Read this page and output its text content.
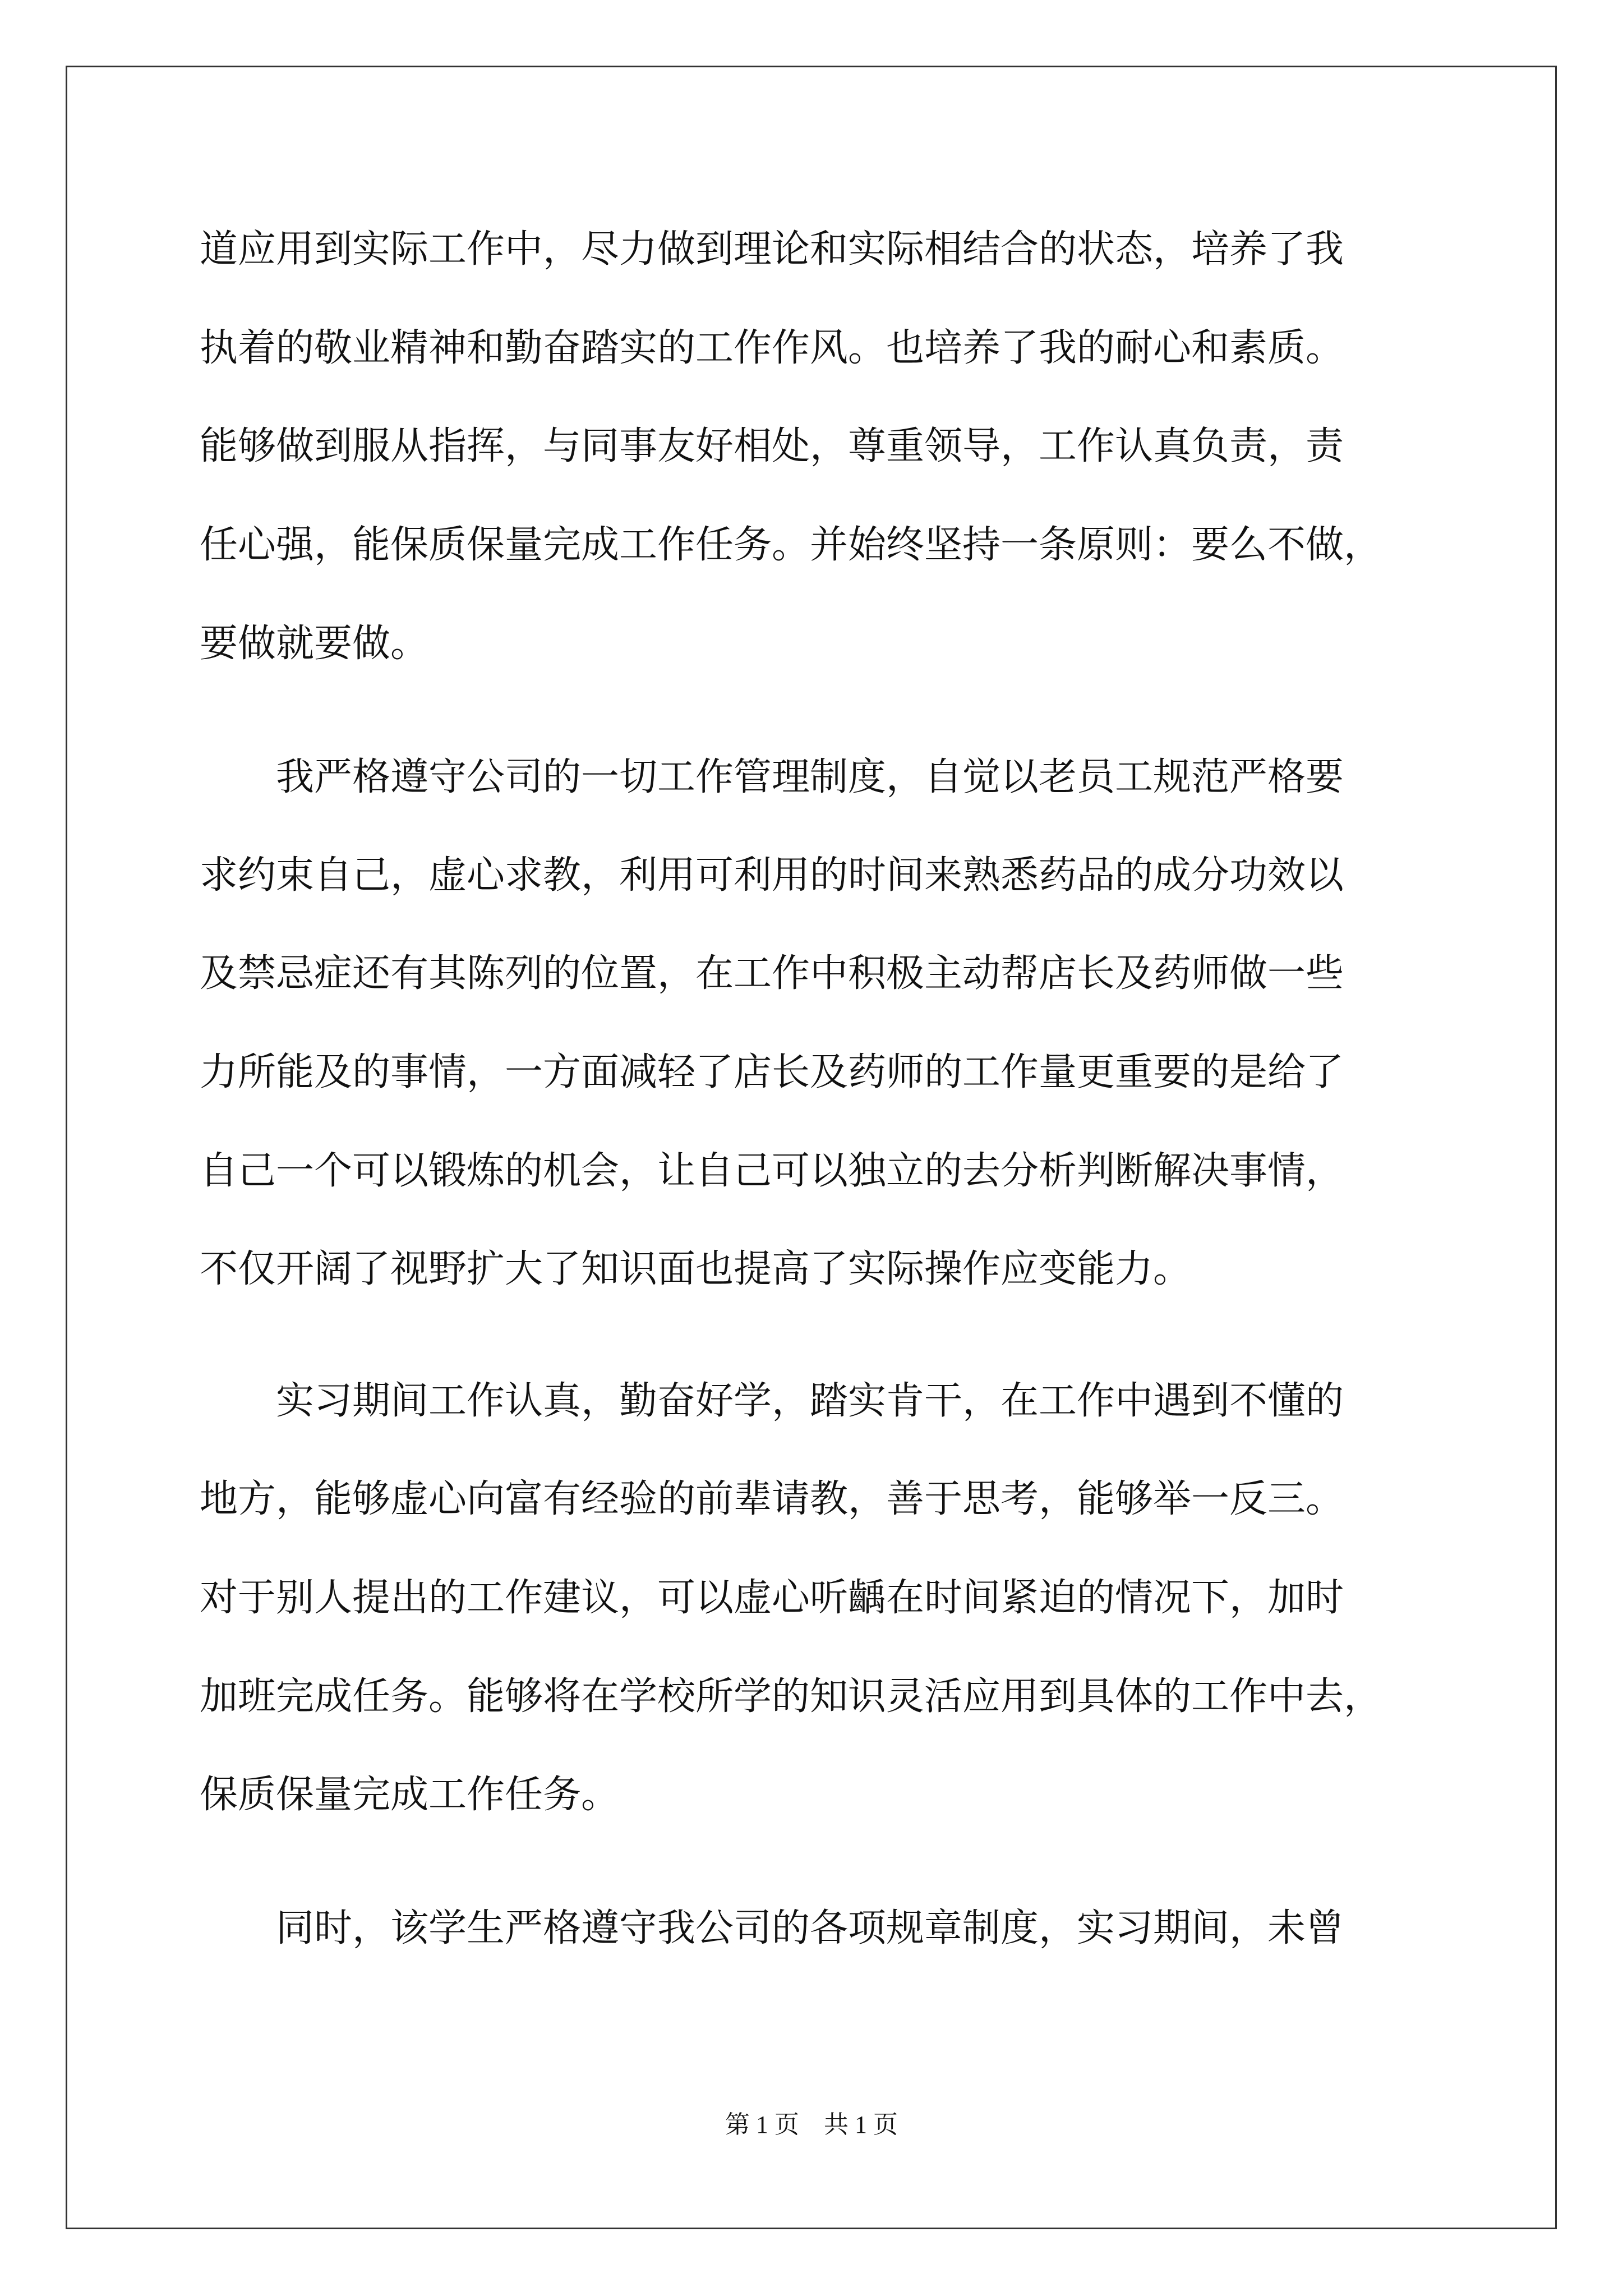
道应用到实际工作中，尽力做到理论和实际相结合的状态，培养了我
执着的敬业精神和勤奋踏实的工作作风。也培养了我的耐心和素质。
能够做到服从指挥，与同事友好相处，尊重领导，工作认真负责，责
任心强，能保质保量完成工作任务。并始终坚持一条原则：要么不做，
要做就要做。
　　我严格遵守公司的一切工作管理制度，自觉以老员工规范严格要
求约束自己，虚心求教，利用可利用的时间来熟悉药品的成分功效以
及禁忌症还有其陈列的位置，在工作中积极主动帮店长及药师做一些
力所能及的事情，一方面减轻了店长及药师的工作量更重要的是给了
自己一个可以锻炼的机会，让自己可以独立的去分析判断解决事情，
不仅开阔了视野扩大了知识面也提高了实际操作应变能力。
　　实习期间工作认真，勤奋好学，踏实肯干，在工作中遇到不懂的
地方，能够虚心向富有经验的前辈请教，善于思考，能够举一反三。
对于别人提出的工作建议，可以虚心听齲在时间紧迫的情况下，加时
加班完成任务。能够将在学校所学的知识灵活应用到具体的工作中去，
保质保量完成工作任务。
　　同时，该学生严格遵守我公司的各项规章制度，实习期间，未曾
第 1 页　共 1 页
